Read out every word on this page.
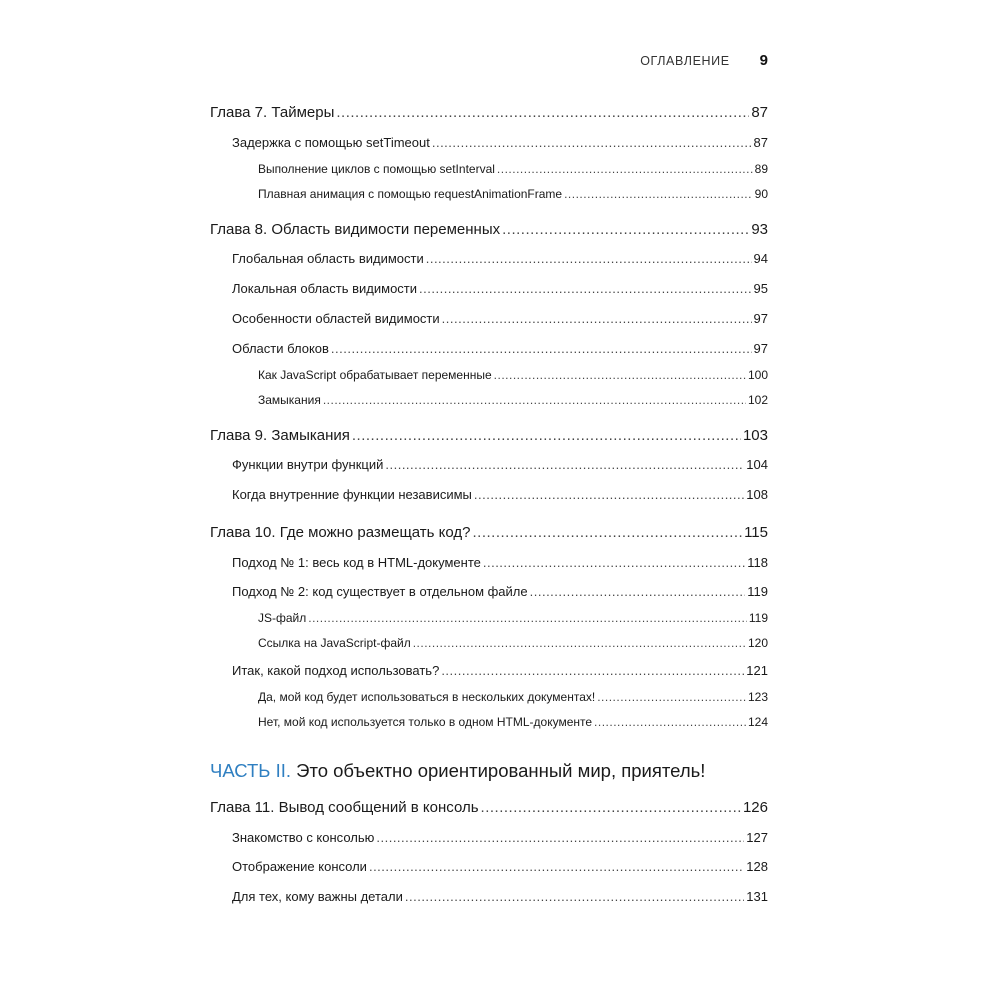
ОГЛАВЛЕНИЕ 9
Глава 7. Таймеры .....	87
Задержка с помощью setTimeout .....	87
Выполнение циклов с помощью setInterval .....	89
Плавная анимация с помощью requestAnimationFrame .....	90
Глава 8. Область видимости переменных .....	93
Глобальная область видимости .....	94
Локальная область видимости .....	95
Особенности областей видимости .....	97
Области блоков .....	97
Как JavaScript обрабатывает переменные .....	100
Замыкания .....	102
Глава 9. Замыкания .....	103
Функции внутри функций .....	104
Когда внутренние функции независимы .....	108
Глава 10. Где можно размещать код? .....	115
Подход № 1: весь код в HTML-документе .....	118
Подход № 2: код существует в отдельном файле .....	119
JS-файл .....	119
Ссылка на JavaScript-файл .....	120
Итак, какой подход использовать? .....	121
Да, мой код будет использоваться в нескольких документах! .....	123
Нет, мой код используется только в одном HTML-документе .....	124
Глава 11. Вывод сообщений в консоль .....	126
Знакомство с консолью .....	127
Отображение консоли .....	128
Для тех, кому важны детали .....	131
ЧАСТЬ II. Это объектно ориентированный мир, приятель!
